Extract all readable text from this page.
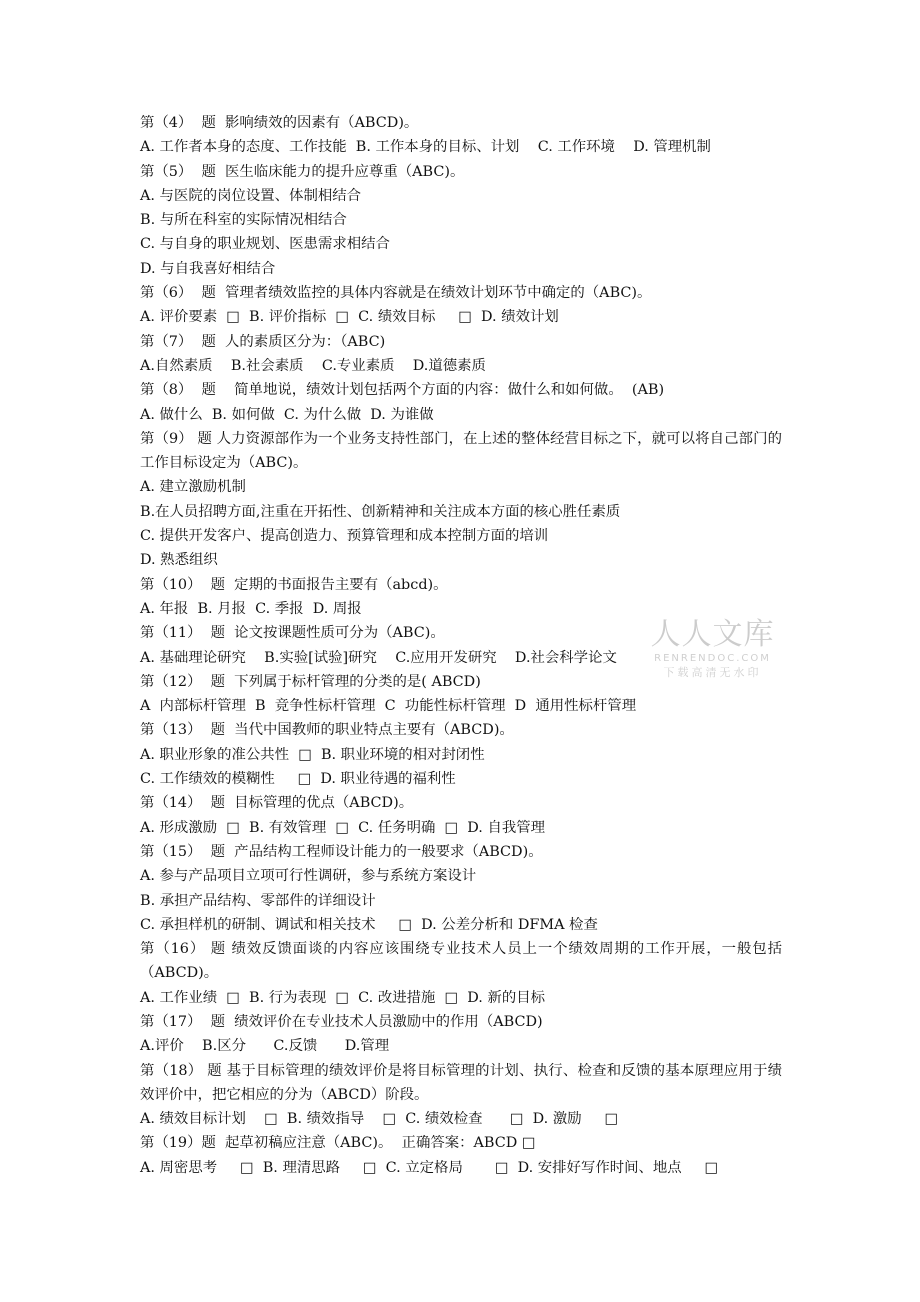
第（4）  题  影响绩效的因素有（ABCD)。
A. 工作者本身的态度、工作技能  B. 工作本身的目标、计划    C. 工作环境    D. 管理机制
第（5）  题  医生临床能力的提升应尊重（ABC)。
A. 与医院的岗位设置、体制相结合
B. 与所在科室的实际情况相结合
C. 与自身的职业规划、医患需求相结合
D. 与自我喜好相结合
第（6）  题  管理者绩效监控的具体内容就是在绩效计划环节中确定的（ABC)。
A. 评价要素  □  B. 评价指标  □  C. 绩效目标     □  D. 绩效计划
第（7）  题  人的素质区分为：（ABC)
A.自然素质    B.社会素质    C.专业素质    D.道德素质
第（8）  题    简单地说，绩效计划包括两个方面的内容：做什么和如何做。  (AB)
A. 做什么  B. 如何做  C. 为什么做  D. 为谁做
第（9） 题 人力资源部作为一个业务支持性部门，在上述的整体经营目标之下，就可以将自己部门的工作目标设定为（ABC)。
A. 建立激励机制
B.在人员招聘方面,注重在开拓性、创新精神和关注成本方面的核心胜任素质
C. 提供开发客户、提高创造力、预算管理和成本控制方面的培训
D. 熟悉组织
第（10）  题  定期的书面报告主要有（abcd)。
A. 年报  B. 月报  C. 季报  D. 周报
第（11）  题  论文按课题性质可分为（ABC)。
A. 基础理论研究    B.实验[试验]研究    C.应用开发研究    D.社会科学论文
第（12）  题  下列属于标杆管理的分类的是( ABCD)
A  内部标杆管理  B  竞争性标杆管理  C  功能性标杆管理  D  通用性标杆管理
第（13）  题  当代中国教师的职业特点主要有（ABCD)。
A. 职业形象的准公共性  □  B. 职业环境的相对封闭性
C. 工作绩效的模糊性     □  D. 职业待遇的福利性
第（14）  题  目标管理的优点（ABCD)。
A. 形成激励  □  B. 有效管理  □  C. 任务明确  □  D. 自我管理
第（15）  题  产品结构工程师设计能力的一般要求（ABCD)。
A. 参与产品项目立项可行性调研，参与系统方案设计
B. 承担产品结构、零部件的详细设计
C. 承担样机的研制、调试和相关技术     □  D. 公差分析和 DFMA 检查
第（16） 题 绩效反馈面谈的内容应该围绕专业技术人员上一个绩效周期的工作开展，一般包括（ABCD)。
A. 工作业绩  □  B. 行为表现  □  C. 改进措施  □  D. 新的目标
第（17）  题  绩效评价在专业技术人员激励中的作用（ABCD)
A.评价    B.区分      C.反馈      D.管理
第（18） 题 基于目标管理的绩效评价是将目标管理的计划、执行、检查和反馈的基本原理应用于绩效评价中，把它相应的分为（ABCD）阶段。
A. 绩效目标计划    □  B. 绩效指导    □  C. 绩效检查      □  D. 激励     □
第（19）题  起草初稿应注意（ABC)。  正确答案：ABCD □
A. 周密思考     □  B. 理清思路     □  C. 立定格局       □  D. 安排好写作时间、地点     □
人人文库
RENRENDOC.COM
下载高清无水印
